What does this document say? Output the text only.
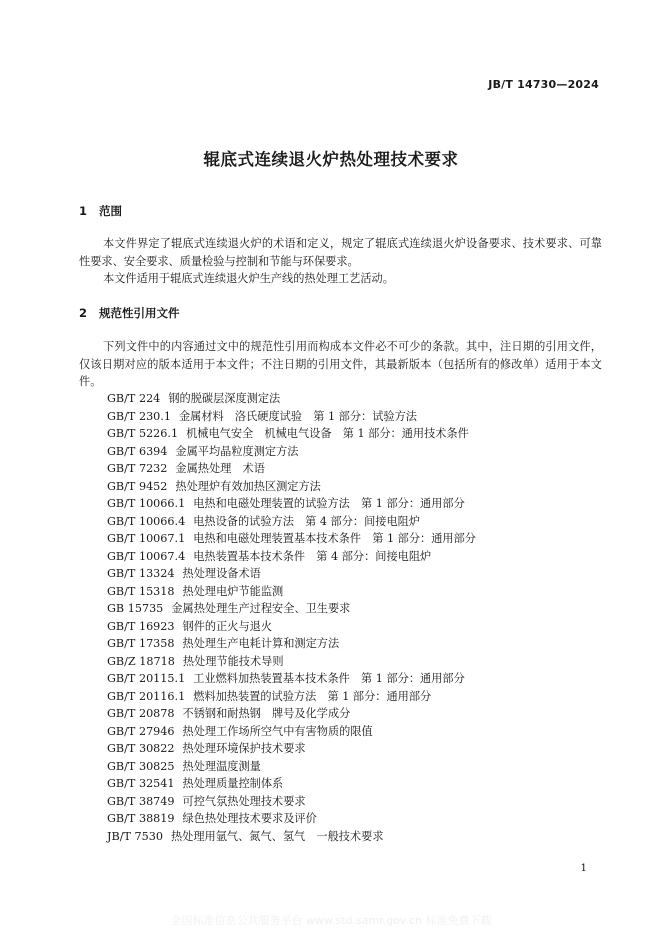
JB/T 14730—2024
辊底式连续退火炉热处理技术要求
1 范围
本文件界定了辊底式连续退火炉的术语和定义，规定了辊底式连续退火炉设备要求、技术要求、可靠性要求、安全要求、质量检验与控制和节能与环保要求。
本文件适用于辊底式连续退火炉生产线的热处理工艺活动。
2 规范性引用文件
下列文件中的内容通过文中的规范性引用而构成本文件必不可少的条款。其中，注日期的引用文件，仅该日期对应的版本适用于本文件；不注日期的引用文件，其最新版本（包括所有的修改单）适用于本文件。
GB/T 224 钢的脱碳层深度测定法
GB/T 230.1 金属材料　洛氏硬度试验　第 1 部分：试验方法
GB/T 5226.1 机械电气安全　机械电气设备　第 1 部分：通用技术条件
GB/T 6394 金属平均晶粒度测定方法
GB/T 7232 金属热处理　术语
GB/T 9452 热处理炉有效加热区测定方法
GB/T 10066.1 电热和电磁处理装置的试验方法　第 1 部分：通用部分
GB/T 10066.4 电热设备的试验方法　第 4 部分：间接电阻炉
GB/T 10067.1 电热和电磁处理装置基本技术条件　第 1 部分：通用部分
GB/T 10067.4 电热装置基本技术条件　第 4 部分：间接电阻炉
GB/T 13324 热处理设备术语
GB/T 15318 热处理电炉节能监测
GB 15735 金属热处理生产过程安全、卫生要求
GB/T 16923 钢件的正火与退火
GB/T 17358 热处理生产电耗计算和测定方法
GB/Z 18718 热处理节能技术导则
GB/T 20115.1 工业燃料加热装置基本技术条件　第 1 部分：通用部分
GB/T 20116.1 燃料加热装置的试验方法　第 1 部分：通用部分
GB/T 20878 不锈钢和耐热钢　牌号及化学成分
GB/T 27946 热处理工作场所空气中有害物质的限值
GB/T 30822 热处理环境保护技术要求
GB/T 30825 热处理温度测量
GB/T 32541 热处理质量控制体系
GB/T 38749 可控气氛热处理技术要求
GB/T 38819 绿色热处理技术要求及评价
JB/T 7530 热处理用氩气、氮气、氢气　一般技术要求
1
全国标准信息公共服务平台 www.std.samr.gov.cn 标准免费下载
